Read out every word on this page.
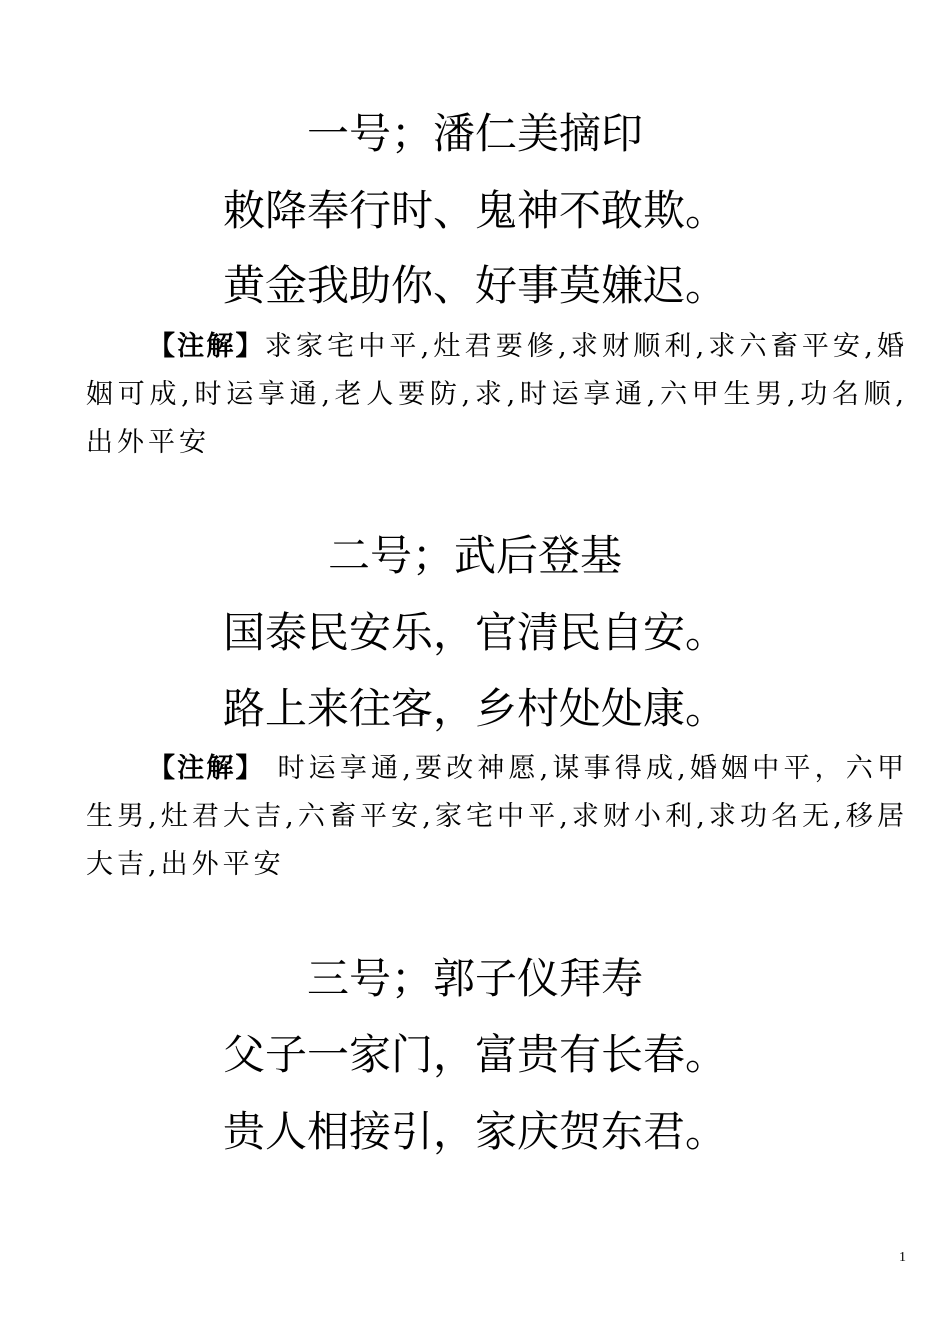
一号；潘仁美摘印
敕降奉行时、鬼神不敢欺。
黄金我助你、好事莫嫌迟。
【注解】求家宅中平,灶君要修,求财顺利,求六畜平安,婚姻可成,时运享通,老人要防,求,时运享通,六甲生男,功名顺,出外平安
二号；武后登基
国泰民安乐，官清民自安。
路上来往客，乡村处处康。
【注解】 时运享通,要改神愿,谋事得成,婚姻中平，六甲生男,灶君大吉,六畜平安,家宅中平,求财小利,求功名无,移居大吉,出外平安
三号；郭子仪拜寿
父子一家门，富贵有长春。
贵人相接引，家庆贺东君。
1
